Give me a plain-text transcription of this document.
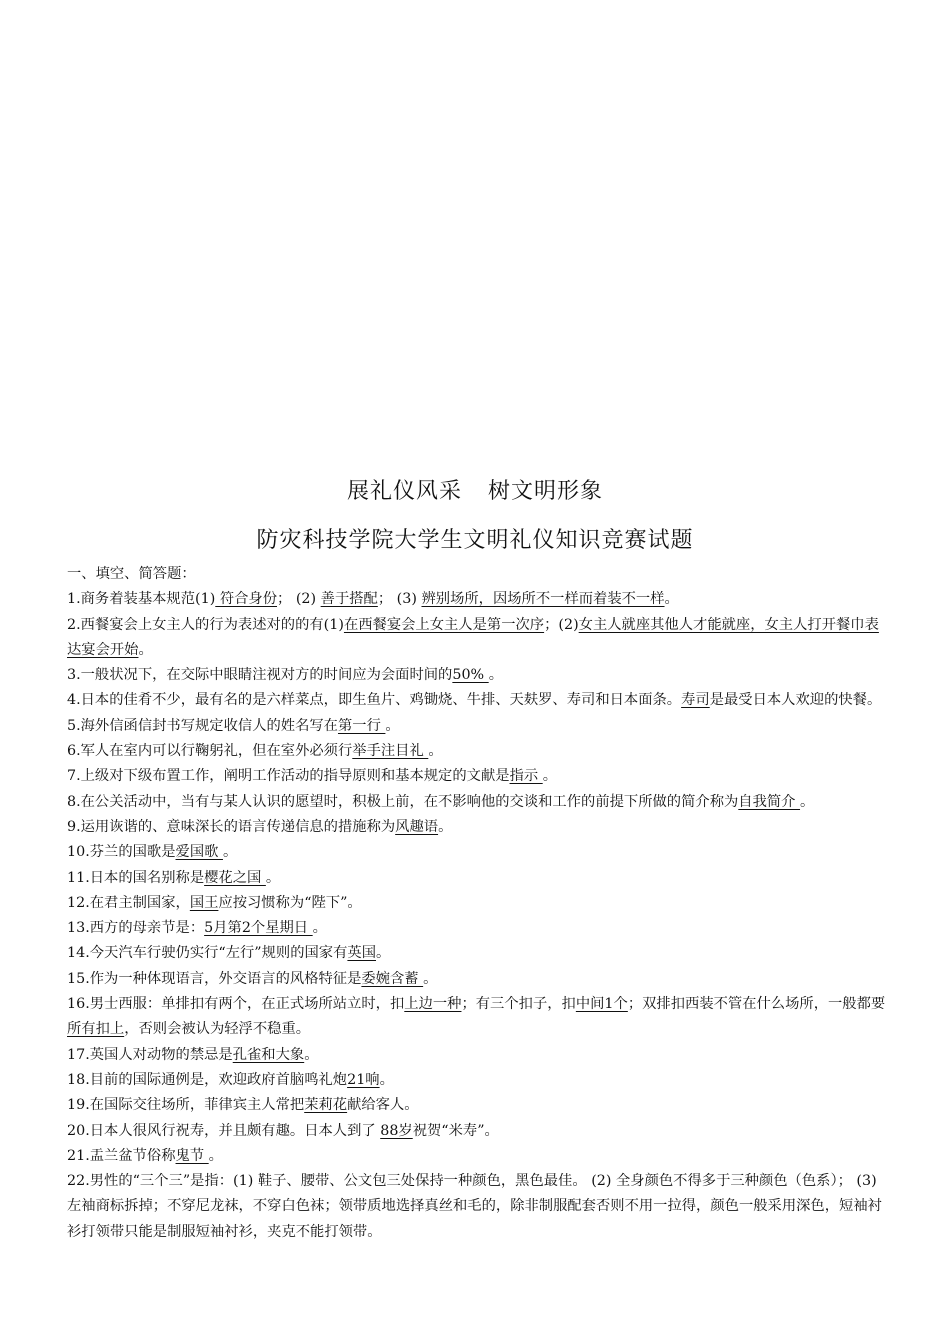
展礼仪风采 树文明形象
防灾科技学院大学生文明礼仪知识竞赛试题

一、填空、简答题：

1.商务着装基本规范(1) 符合身份； (2) 善于搭配； (3) 辨别场所，因场所不一样而着装不一样。

2.西餐宴会上女主人的行为表述对的的有(1)在西餐宴会上女主人是第一次序；(2)女主人就座其他人才能就座，女主人打开餐巾表达宴会开始。

3.一般状况下，在交际中眼睛注视对方的时间应为会面时间的50% 。

4.日本的佳肴不少，最有名的是六样菜点，即生鱼片、鸡锄烧、牛排、天麸罗、寿司和日本面条。寿司是最受日本人欢迎的快餐。

5.海外信函信封书写规定收信人的姓名写在第一行 。

6.军人在室内可以行鞠躬礼，但在室外必须行举手注目礼 。

7.上级对下级布置工作，阐明工作活动的指导原则和基本规定的文献是指示 。

8.在公关活动中，当有与某人认识的愿望时，积极上前，在不影响他的交谈和工作的前提下所做的简介称为自我简介 。

9.运用诙谐的、意味深长的语言传递信息的措施称为风趣语。

10.芬兰的国歌是爱国歌 。

11.日本的国名别称是樱花之国 。

12.在君主制国家，国王应按习惯称为“陛下”。

13.西方的母亲节是：5月第2个星期日 。

14.今天汽车行驶仍实行“左行”规则的国家有英国。

15.作为一种体现语言，外交语言的风格特征是委婉含蓄 。

16.男士西服：单排扣有两个，在正式场所站立时，扣上边一种；有三个扣子，扣中间1个；双排扣西装不管在什么场所，一般都要所有扣上，否则会被认为轻浮不稳重。

17.英国人对动物的禁忌是孔雀和大象。

18.目前的国际通例是，欢迎政府首脑鸣礼炮21响。

19.在国际交往场所，菲律宾主人常把茉莉花献给客人。

20.日本人很风行祝寿，并且颇有趣。日本人到了 88岁祝贺“米寿”。

21.盂兰盆节俗称鬼节 。

22.男性的“三个三”是指：(1) 鞋子、腰带、公文包三处保持一种颜色，黑色最佳。 (2) 全身颜色不得多于三种颜色（色系）； (3)左袖商标拆掉；不穿尼龙袜，不穿白色袜；领带质地选择真丝和毛的，除非制服配套否则不用一拉得，颜色一般采用深色，短袖衬衫打领带只能是制服短袖衬衫，夹克不能打领带。
